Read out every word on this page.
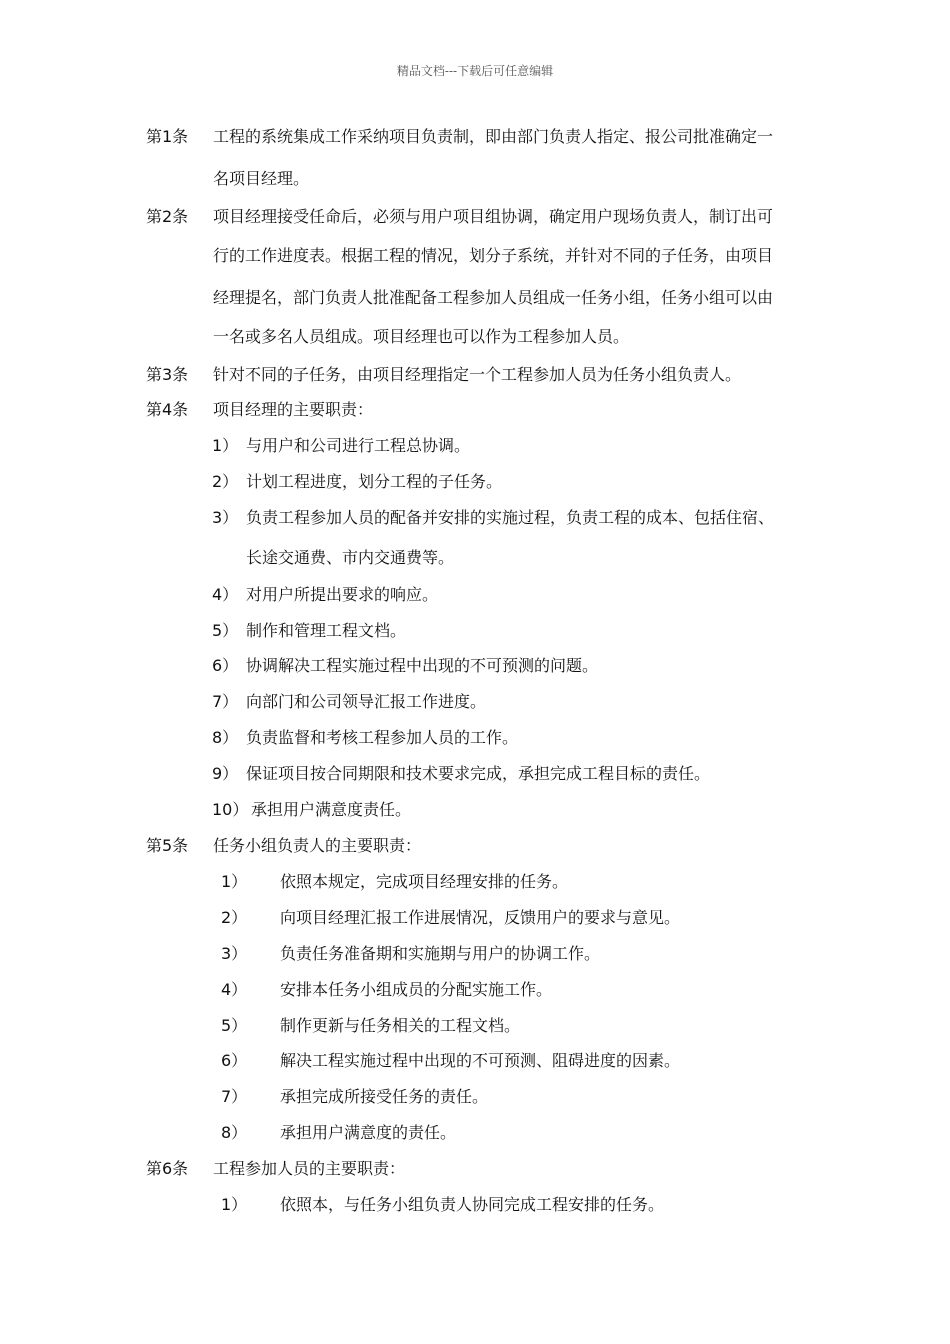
精品文档---下载后可任意编辑
第1条 工程的系统集成工作采纳项目负责制，即由部门负责人指定、报公司批准确定一
名项目经理。
第2条 项目经理接受任命后，必须与用户项目组协调，确定用户现场负责人，制订出可
行的工作进度表。根据工程的情况，划分子系统，并针对不同的子任务，由项目
经理提名，部门负责人批准配备工程参加人员组成一任务小组，任务小组可以由
一名或多名人员组成。项目经理也可以作为工程参加人员。
第3条 针对不同的子任务，由项目经理指定一个工程参加人员为任务小组负责人。
第4条 项目经理的主要职责：
1） 与用户和公司进行工程总协调。
2） 计划工程进度，划分工程的子任务。
3） 负责工程参加人员的配备并安排的实施过程，负责工程的成本、包括住宿、
长途交通费、市内交通费等。
4） 对用户所提出要求的响应。
5） 制作和管理工程文档。
6） 协调解决工程实施过程中出现的不可预测的问题。
7） 向部门和公司领导汇报工作进度。
8） 负责监督和考核工程参加人员的工作。
9） 保证项目按合同期限和技术要求完成，承担完成工程目标的责任。
10） 承担用户满意度责任。
第5条 任务小组负责人的主要职责：
1） 依照本规定，完成项目经理安排的任务。
2） 向项目经理汇报工作进展情况，反馈用户的要求与意见。
3） 负责任务准备期和实施期与用户的协调工作。
4） 安排本任务小组成员的分配实施工作。
5） 制作更新与任务相关的工程文档。
6） 解决工程实施过程中出现的不可预测、阻碍进度的因素。
7） 承担完成所接受任务的责任。
8） 承担用户满意度的责任。
第6条 工程参加人员的主要职责：
1） 依照本，与任务小组负责人协同完成工程安排的任务。
